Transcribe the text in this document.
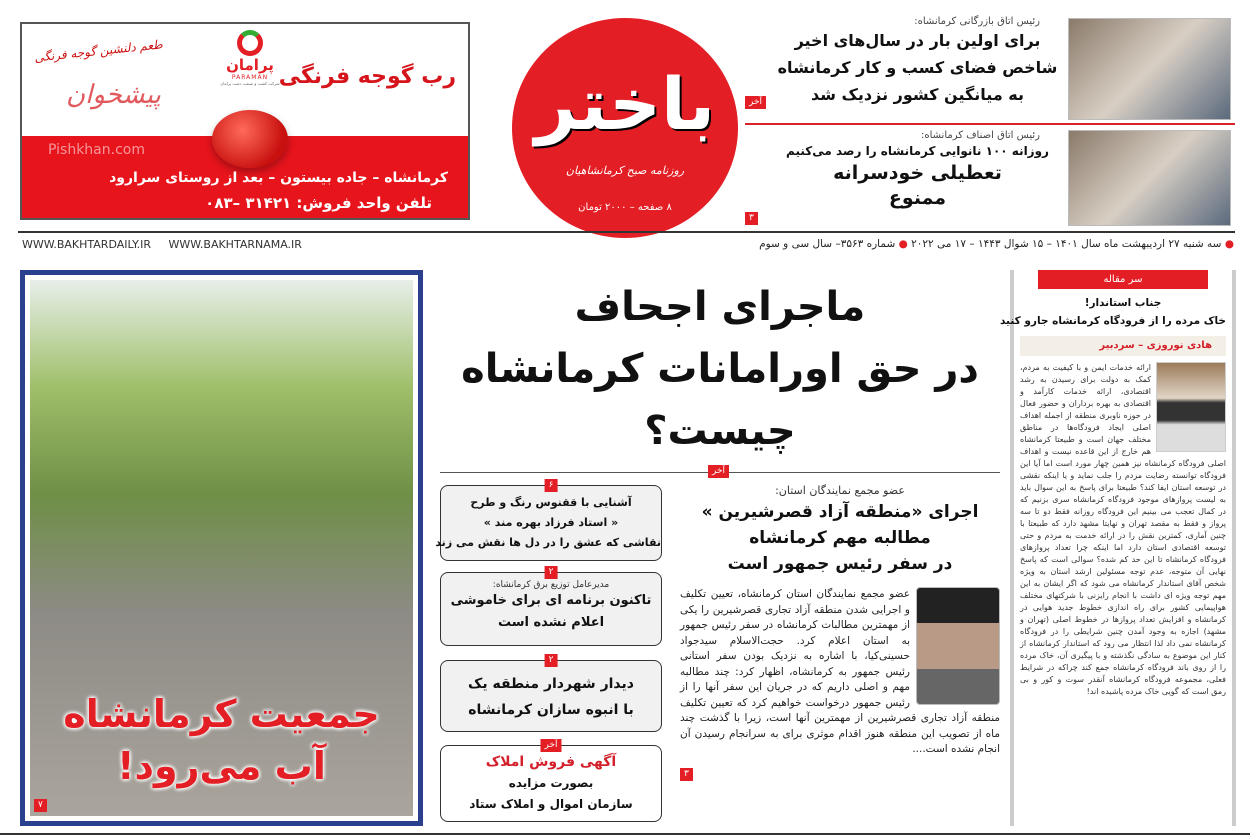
رب گوجه فرنگی
پرامان
PARAMAN
شرکت کشت و صنعت دشت پرامان
طعم دلنشین گوجه فرنگی
پیشخوان
Pishkhan.com
کرمانشاه – جاده بیستون – بعد از روستای سرارود
تلفن واحد فروش: ۳۱۴۲۱ –۰۸۳
باختر
روزنامه صبح کرمانشاهیان
۸ صفحه – ۲۰۰۰ تومان
رئیس اتاق بازرگانی کرمانشاه:
برای اولین بار در سال‌های اخیر
شاخص فضای کسب و کار کرمانشاه
به میانگین کشور نزدیک شد
آخر
رئیس اتاق اصناف کرمانشاه:
روزانه ۱۰۰ نانوایی کرمانشاه را رصد می‌کنیم
تعطیلی خودسرانه
ممنوع
۳
● سه شنبه ۲۷ اردیبهشت ماه سال ۱۴۰۱ – ۱۵ شوال ۱۴۴۳ – ۱۷ می ۲۰۲۲ ● شماره ۳۵۶۳– سال سی و سوم
WWW.BAKHTARDAILY.IR WWW.BAKHTARNAMA.IR
جمعیت کرمانشاه
آب می‌رود!
۷
ماجرای اجحاف
در حق اورامانات کرمانشاه
چیست؟
آخر
۶
آشنایی با ققنوس رنگ و طرح
« استاد فرزاد بهره مند »
نقاشی که عشق را در دل ها نقش می زند
۲
مدیرعامل توزیع برق کرمانشاه:
تاکنون برنامه ای برای خاموشی
اعلام نشده است
۲
دیدار شهردار منطقه یک
با انبوه سازان کرمانشاه
آخر
آگهی فروش املاک
بصورت مزایده
سازمان اموال و املاک ستاد
عضو مجمع نمایندگان استان:
اجرای «منطقه آزاد قصرشیرین »
مطالبه مهم کرمانشاه
در سفر رئیس جمهور است
عضو مجمع نمایندگان استان کرمانشاه، تعیین تکلیف و اجرایی شدن منطقه آزاد تجاری قصرشیرین را یکی از مهمترین مطالبات کرمانشاه در سفر رئیس جمهور به استان اعلام کرد. حجت‌الاسلام سیدجواد حسینی‌کیا، با اشاره به نزدیک بودن سفر استانی رئیس جمهور به کرمانشاه، اظهار کرد: چند مطالبه مهم و اصلی داریم که در جریان این سفر آنها را از رئیس جمهور درخواست خواهیم کرد که تعیین تکلیف منطقه آزاد تجاری قصرشیرین از مهمترین آنها است، زیرا با گذشت چند ماه از تصویب این منطقه هنوز اقدام موثری برای به سرانجام رسیدن آن انجام نشده است....
۳
سر مقاله
جناب استاندار!
خاک مرده را از فرودگاه کرمانشاه جارو کنید
هادی نوروزی – سردبیر
ارائه خدمات ایمن و با کیفیت به مردم، کمک به دولت برای رسیدن به رشد اقتصادی، ارائه خدمات کارآمد و اقتصادی به بهره برداران و حضور فعال در حوزه ناوبری منطقه از اجمله اهداف اصلی ایجاد فرودگاه‌ها در مناطق مختلف جهان است و طبیعتا کرمانشاه هم خارج از این قاعده نیست و اهداف اصلی فرودگاه کرمانشاه نیز همین چهار مورد است اما آیا این فرودگاه توانسته رضایت مردم را جلب نماید و یا اینکه نقشی در توسعه استان ایفا کند؟ طبیعتا برای پاسخ به این سوال باید به لیست پروازهای موجود فرودگاه کرمانشاه سری بزنیم که در کمال تعجب می بینیم این فرودگاه روزانه فقط دو تا سه پرواز و فقط به مقصد تهران و نهایتا مشهد دارد که طبیعتا با چنین آماری، کمترین نقش را در ارائه خدمت به مردم و حتی توسعه اقتصادی استان دارد اما اینکه چرا تعداد پروازهای فرودگاه کرمانشاه تا این حد کم شده؟ سوالی است که پاسخ نهایی آن متوجه، عدم توجه مسئولین ارشد استان به ویژه شخص آقای استاندار کرمانشاه می شود که اگر ایشان به این مهم توجه ویژه ای داشت با انجام رایزنی با شرکتهای مختلف هواپیمایی کشور برای راه اندازی خطوط جدید هوایی در کرمانشاه و افزایش تعداد پروازها در خطوط اصلی (تهران و مشهد) اجازه به وجود آمدن چنین شرایطی را در فرودگاه کرمانشاه نمی داد لذا انتظار می رود که استاندار کرمانشاه از کنار این موضوع به سادگی نگذشته و با پیگیری آن، خاک مرده را از روی باند فرودگاه کرمانشاه جمع کند چراکه در شرایط فعلی، مجموعه فرودگاه کرمانشاه آنقدر سوت و کور و بی رمق است که گویی خاک مرده پاشیده اند!
